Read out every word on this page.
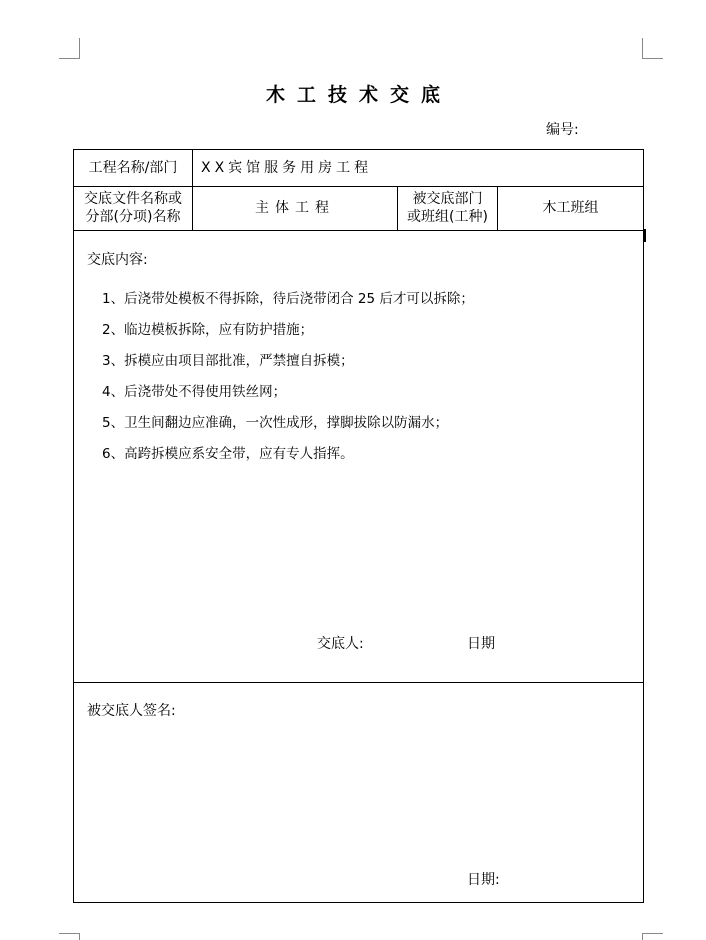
木工技术交底
编号:
工程名称/部门	XX宾馆服务用房工程
交底文件名称或
分部(分项)名称
主体工程
被交底部门
或班组(工种)
木工班组
交底内容:
1、后浇带处模板不得拆除，待后浇带闭合 25 后才可以拆除；
2、临边模板拆除，应有防护措施；
3、拆模应由项目部批准，严禁擅自拆模；
4、后浇带处不得使用铁丝网；
5、卫生间翻边应准确，一次性成形，撑脚拔除以防漏水；
6、高跨拆模应系安全带，应有专人指挥。
交底人:	日期
被交底人签名:
日期:
